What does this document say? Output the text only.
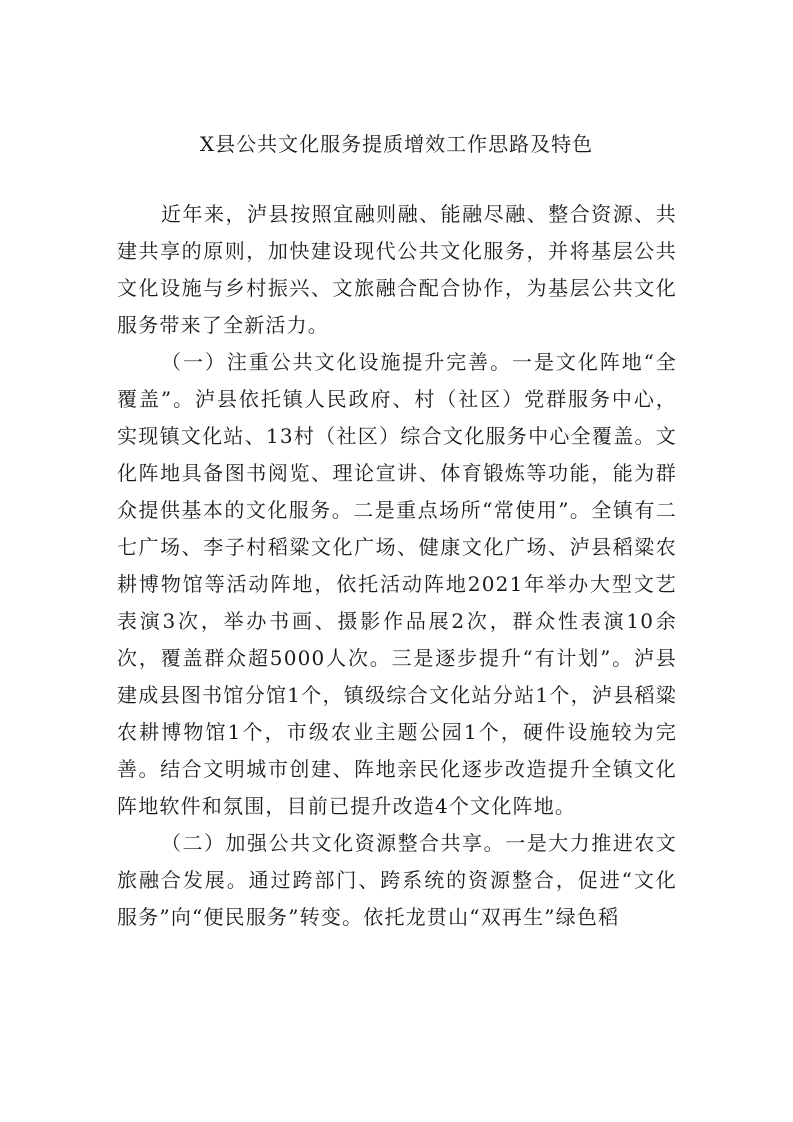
X县公共文化服务提质增效工作思路及特色

近年来，泸县按照宜融则融、能融尽融、整合资源、共建共享的原则，加快建设现代公共文化服务，并将基层公共文化设施与乡村振兴、文旅融合配合协作，为基层公共文化服务带来了全新活力。

（一）注重公共文化设施提升完善。一是文化阵地“全覆盖”。泸县依托镇人民政府、村（社区）党群服务中心，实现镇文化站、13村（社区）综合文化服务中心全覆盖。文化阵地具备图书阅览、理论宣讲、体育锻炼等功能，能为群众提供基本的文化服务。二是重点场所“常使用”。全镇有二七广场、李子村稻粱文化广场、健康文化广场、泸县稻粱农耕博物馆等活动阵地，依托活动阵地2021年举办大型文艺表演3次，举办书画、摄影作品展2次，群众性表演10余次，覆盖群众超5000人次。三是逐步提升“有计划”。泸县建成县图书馆分馆1个，镇级综合文化站分站1个，泸县稻粱农耕博物馆1个，市级农业主题公园1个，硬件设施较为完善。结合文明城市创建、阵地亲民化逐步改造提升全镇文化阵地软件和氛围，目前已提升改造4个文化阵地。

（二）加强公共文化资源整合共享。一是大力推进农文旅融合发展。通过跨部门、跨系统的资源整合，促进“文化服务”向“便民服务”转变。依托龙贯山“双再生”绿色稻
